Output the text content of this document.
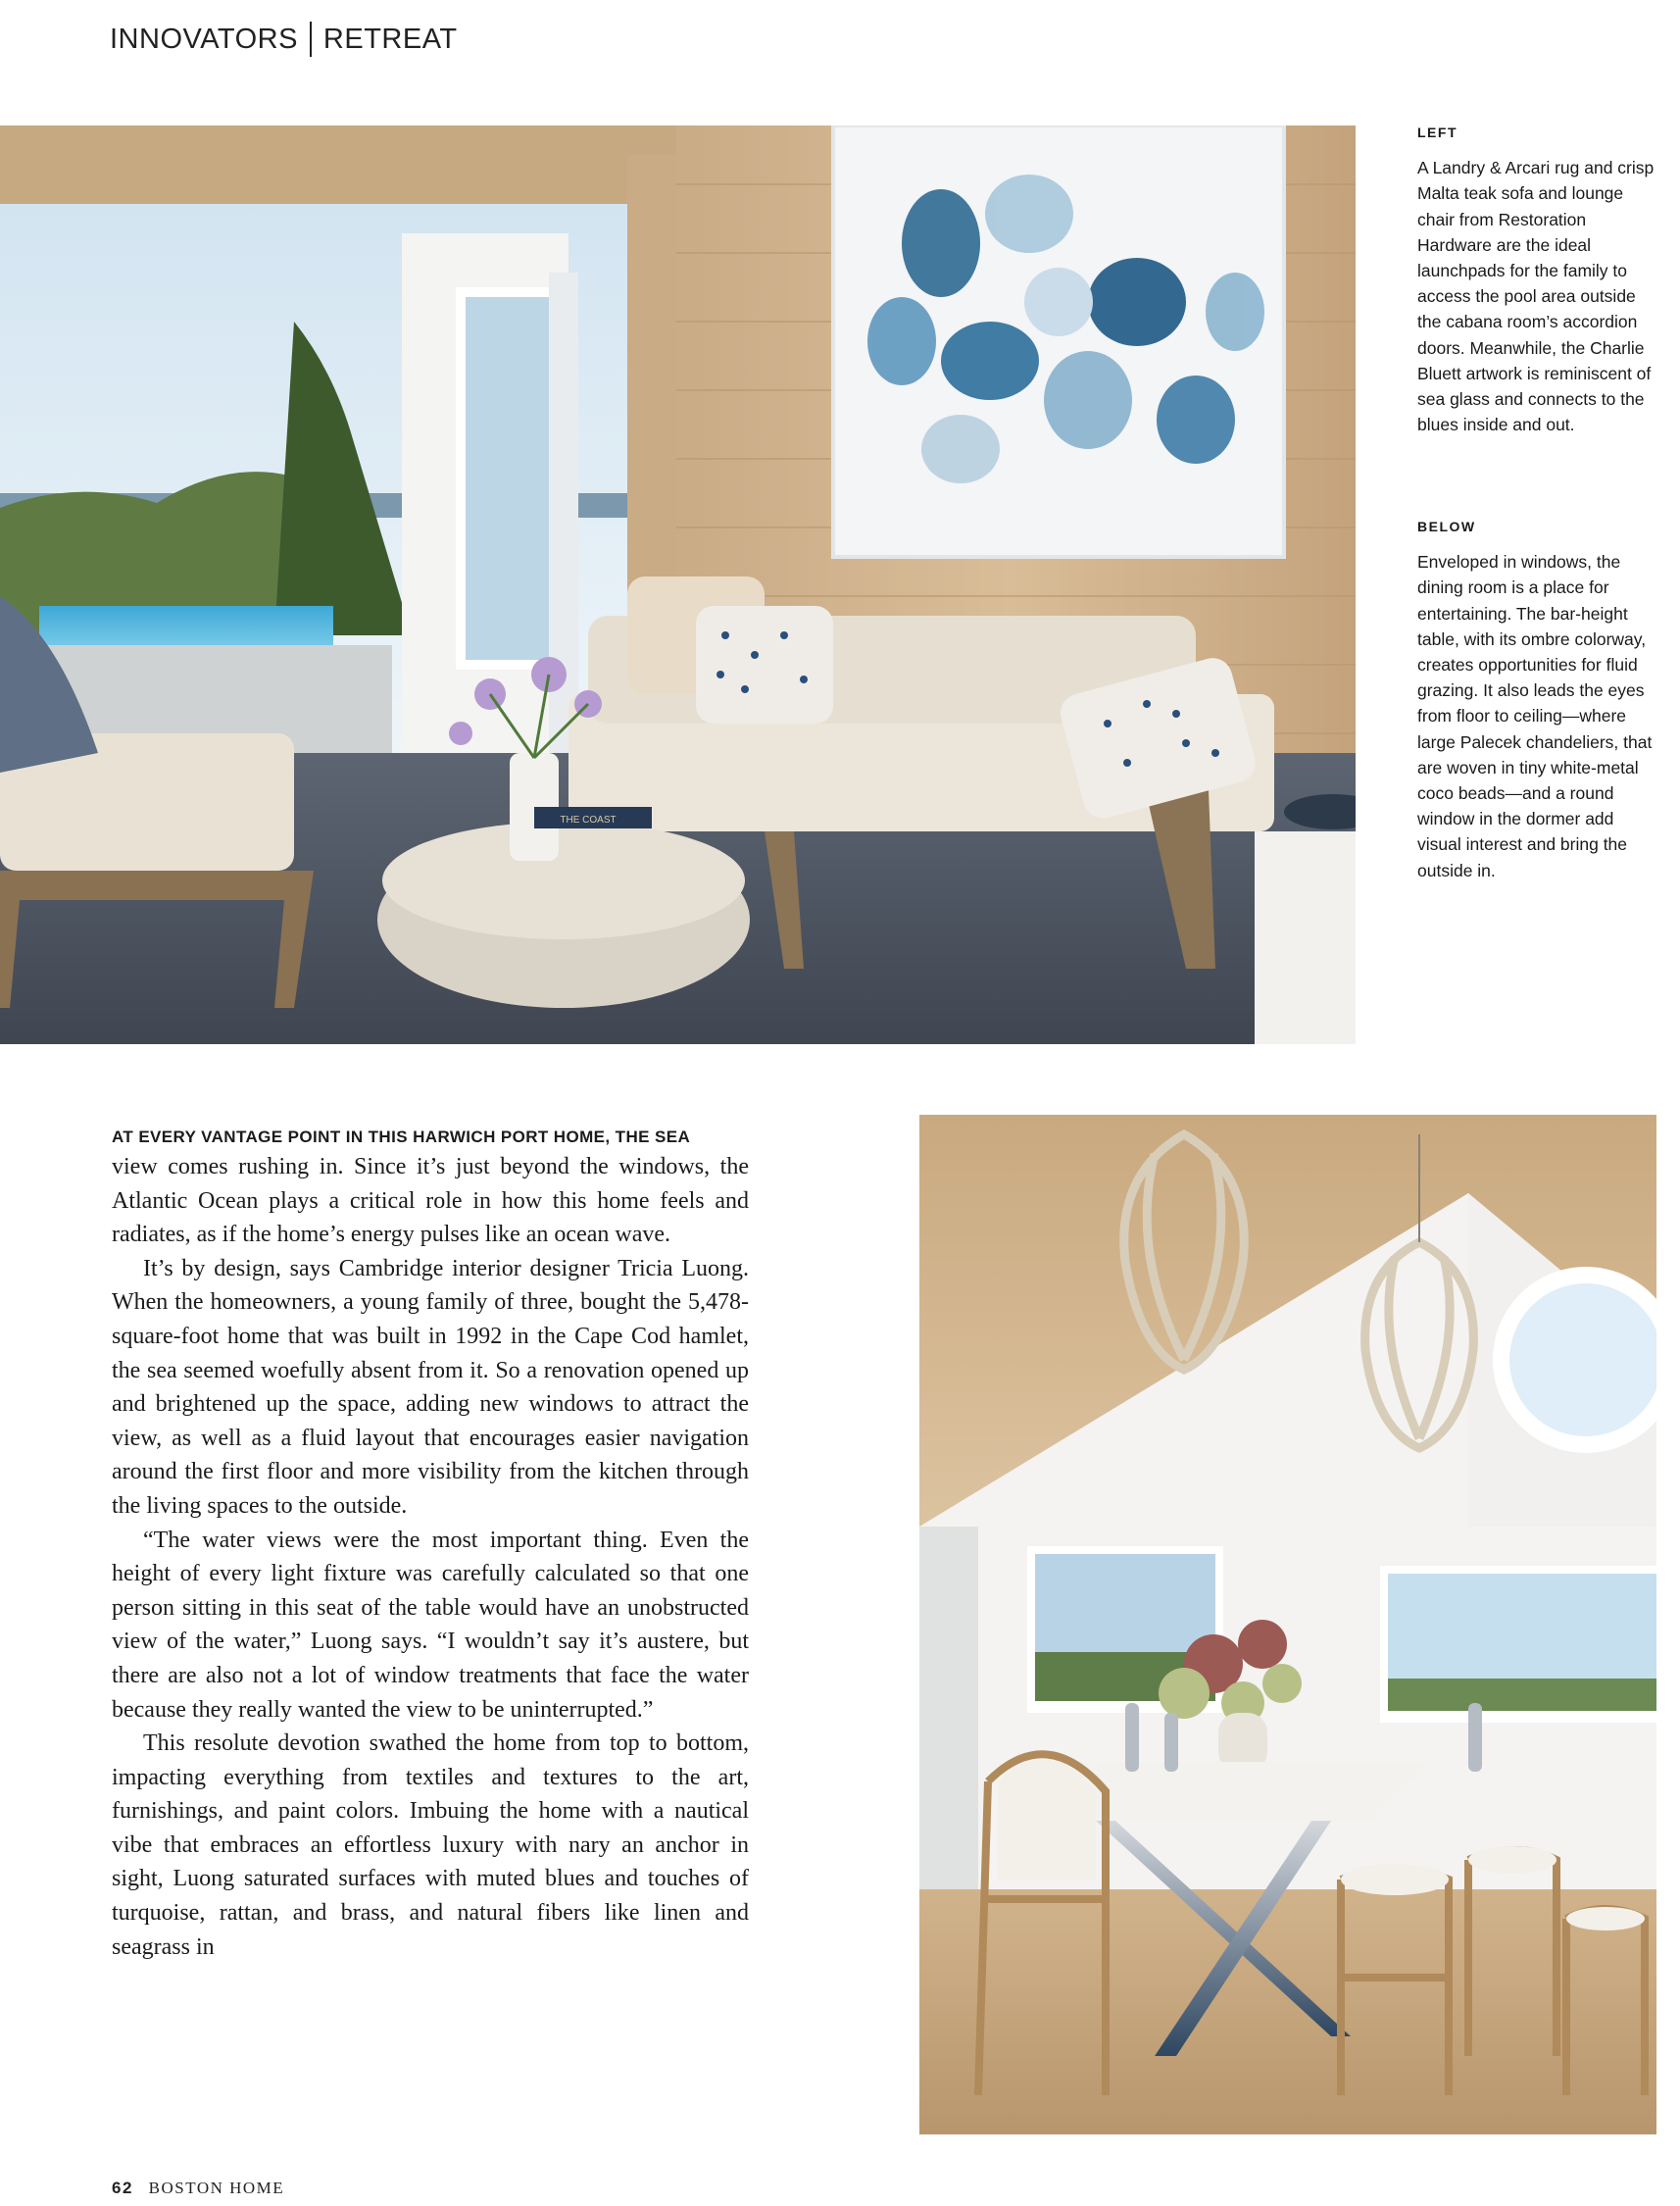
INNOVATORS RETREAT
THE COAST
LEFT
A Landry & Arcari rug and crisp Malta teak sofa and lounge chair from Restoration Hardware are the ideal launchpads for the family to access the pool area outside the cabana room’s accordion doors. Meanwhile, the Charlie Bluett artwork is reminiscent of sea glass and connects to the blues inside and out.
BELOW
Enveloped in windows, the dining room is a place for entertaining. The bar-height table, with its ombre colorway, creates opportunities for fluid grazing. It also leads the eyes from floor to ceiling—where large Palecek chandeliers, that are woven in tiny white-metal coco beads—and a round window in the dormer add visual interest and bring the outside in.

AT EVERY VANTAGE POINT IN THIS HARWICH PORT HOME, THE SEA

view comes rushing in. Since it’s just beyond the windows, the Atlantic Ocean plays a critical role in how this home feels and radiates, as if the home’s energy pulses like an ocean wave.

It’s by design, says Cambridge interior designer Tricia Luong. When the homeowners, a young family of three, bought the 5,478-square-foot home that was built in 1992 in the Cape Cod hamlet, the sea seemed woefully absent from it. So a renovation opened up and brightened up the space, adding new windows to attract the view, as well as a fluid layout that encourages easier navigation around the first floor and more visibility from the kitchen through the living spaces to the outside.

“The water views were the most important thing. Even the height of every light fixture was carefully calculated so that one person sitting in this seat of the table would have an unobstructed view of the water,” Luong says. “I wouldn’t say it’s austere, but there are also not a lot of window treatments that face the water because they really wanted the view to be uninterrupted.”

This resolute devotion swathed the home from top to bottom, impacting everything from textiles and textures to the art, furnishings, and paint colors. Imbuing the home with a nautical vibe that embraces an effortless luxury with nary an anchor in sight, Luong saturated surfaces with muted blues and touches of turquoise, rattan, and brass, and natural fibers like linen and seagrass in

62 BOSTON HOME
